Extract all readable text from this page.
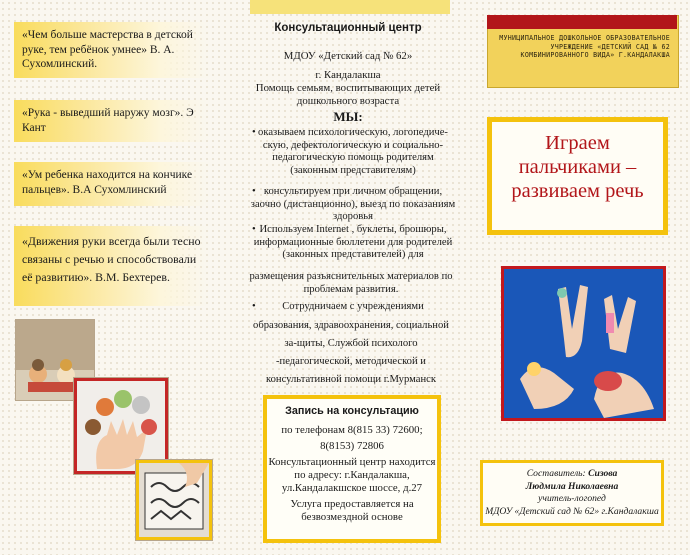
«Чем больше мастерства в детской руке, тем ребёнок умнее» В. А. Сухомлинский.
«Рука - выведший наружу мозг». Э Кант
«Ум ребенка находится на кончике пальцев». В.А Сухомлинский
«Движения руки всегда были тесно связаны с речью и способствовали её развитию». В.М. Бехтерев.
Консультационный центр
МДОУ «Детский сад № 62»
г. Кандалакша
Помощь семьям, воспитывающих детей дошкольного возраста
МЫ:
• оказываем психологическую, логопедиче-скую, дефектологическую и социально-педагогическую помощь родителям (законным представителям)
• консультируем при личном обращении, заочно (дистанционно), выезд по показаниям здоровья
• Используем Internet , буклеты, брошюры, информационные бюллетени для родителей (законных представителей) для
размещения разъяснительных материалов по проблемам развития.
• Сотрудничаем с учреждениями
образования, здравоохранения, социальной за-щиты, Службой психолого -педагогической, методической и консультативной помощи г.Мурманск
Запись на консультацию
по телефонам 8(815 33) 72600;
8(8153) 72806
Консультационный центр находится по адресу: г.Кандалакша, ул.Кандалакшское шоссе, д.27
Услуга предоставляется на безвозмездной основе
МУНИЦИПАЛЬНОЕ ДОШКОЛЬНОЕ ОБРАЗОВАТЕЛЬНОЕ УЧРЕЖДЕНИЕ «ДЕТСКИЙ САД № 62 КОМБИНИРОВАННОГО ВИДА» Г.КАНДАЛАКША
Играем пальчиками – развиваем речь
Составитель: Сизова
Людмила Николаевна
учитель-логопед
МДОУ «Детский сад № 62» г.Кандалакша
